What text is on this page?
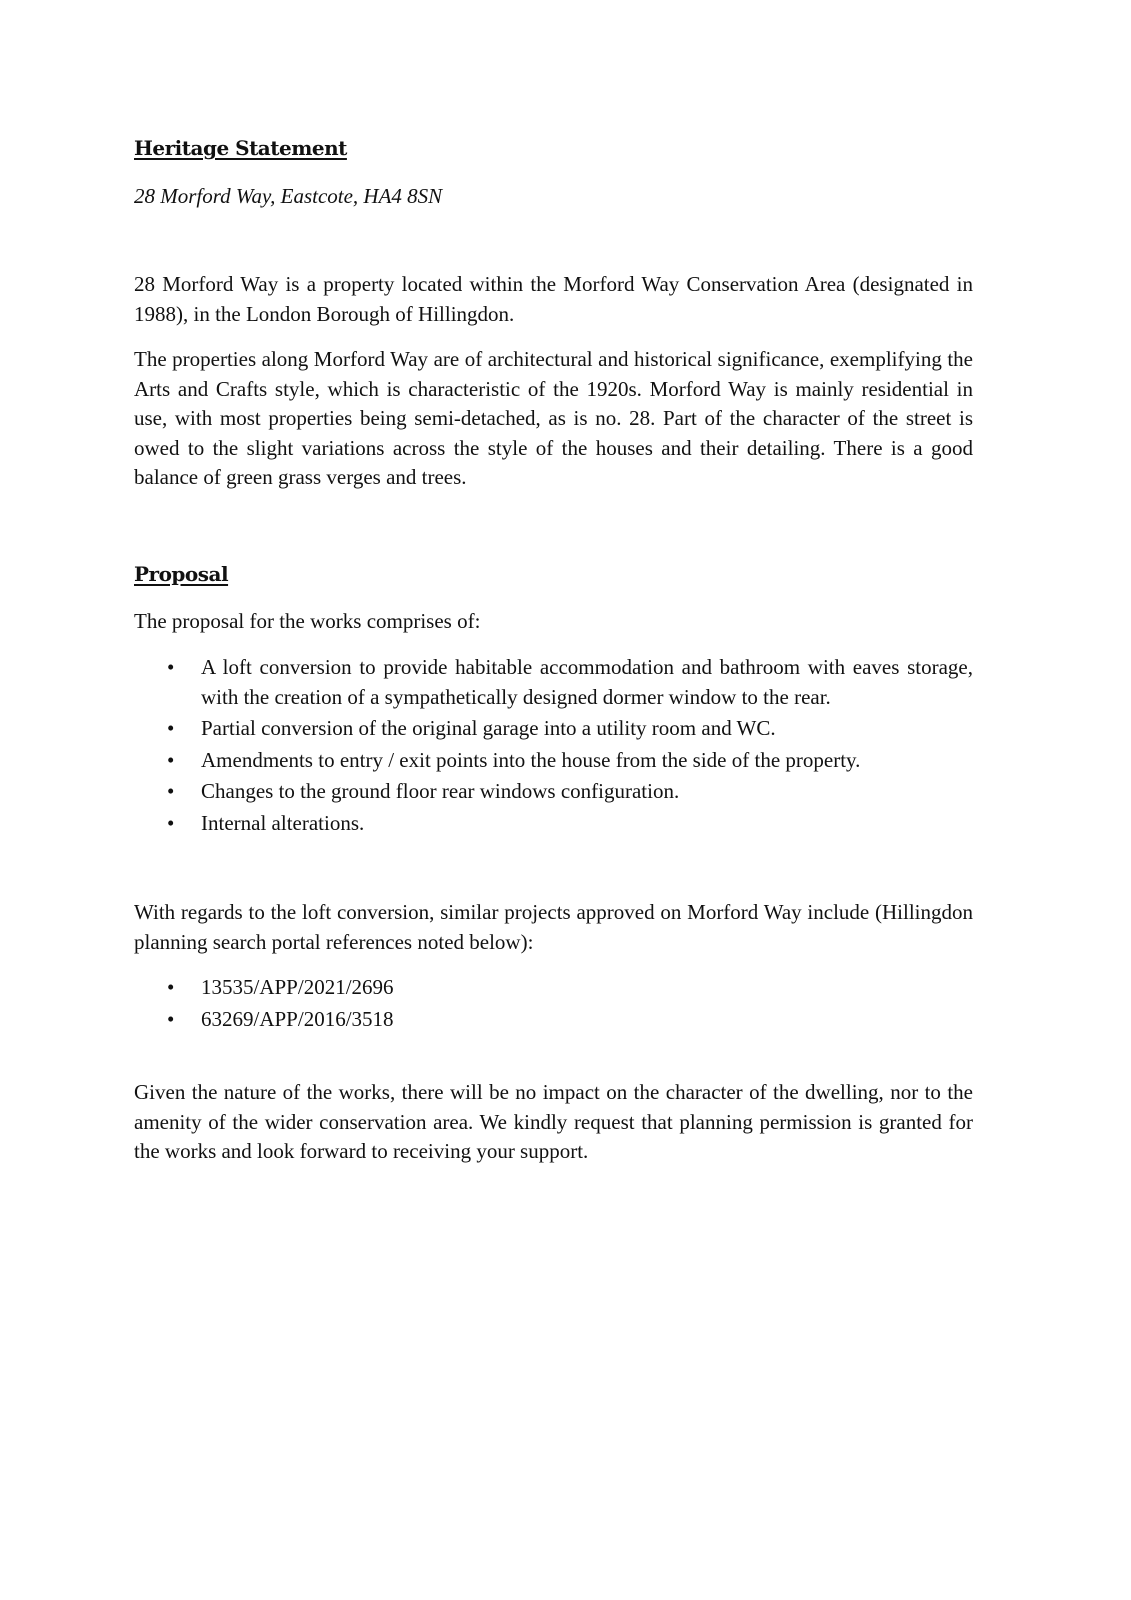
Heritage Statement

28 Morford Way, Eastcote, HA4 8SN

28 Morford Way is a property located within the Morford Way Conservation Area (designated in 1988), in the London Borough of Hillingdon.

The properties along Morford Way are of architectural and historical significance, exemplifying the Arts and Crafts style, which is characteristic of the 1920s. Morford Way is mainly residential in use, with most properties being semi-detached, as is no. 28. Part of the character of the street is owed to the slight variations across the style of the houses and their detailing. There is a good balance of green grass verges and trees.

Proposal

The proposal for the works comprises of:

• A loft conversion to provide habitable accommodation and bathroom with eaves storage, with the creation of a sympathetically designed dormer window to the rear.
• Partial conversion of the original garage into a utility room and WC.
• Amendments to entry / exit points into the house from the side of the property.
• Changes to the ground floor rear windows configuration.
• Internal alterations.

With regards to the loft conversion, similar projects approved on Morford Way include (Hillingdon planning search portal references noted below):

• 13535/APP/2021/2696
• 63269/APP/2016/3518

Given the nature of the works, there will be no impact on the character of the dwelling, nor to the amenity of the wider conservation area. We kindly request that planning permission is granted for the works and look forward to receiving your support.
